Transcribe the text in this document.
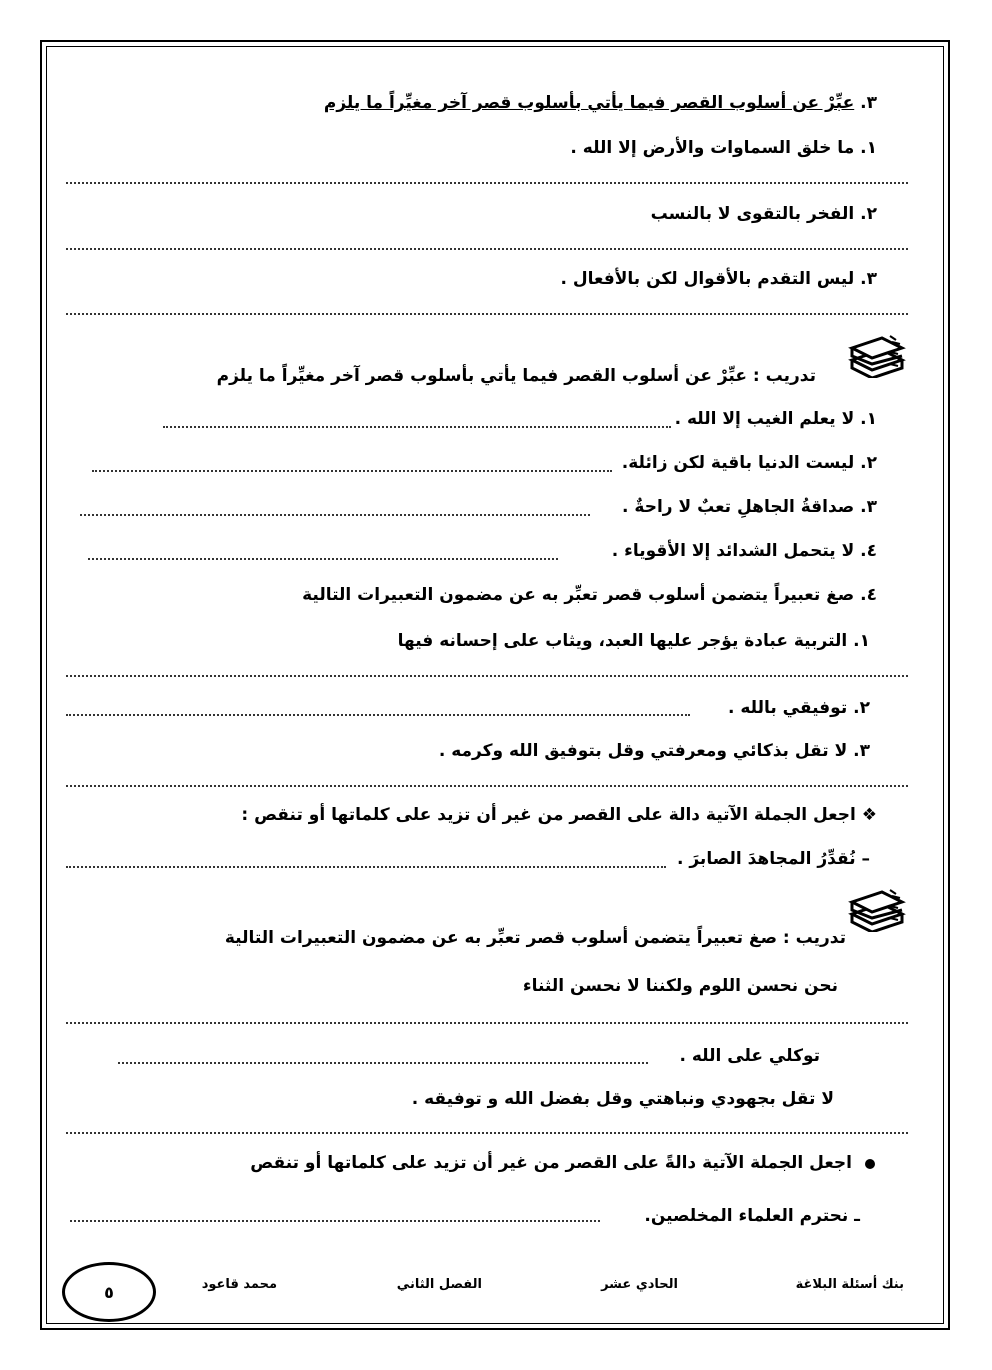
٣. عبِّرْ عن أسلوب القصر فيما يأتي بأسلوب قصر آخر مغيِّراً ما يلزم
١. ما خلق السماوات والأرض إلا الله .
٢. الفخر بالتقوى لا بالنسب
٣. ليس التقدم بالأقوال لكن بالأفعال .
تدريب : عبِّرْ عن أسلوب القصر فيما يأتي بأسلوب قصر آخر مغيِّراً ما يلزم
١. لا يعلم الغيب إلا الله .
٢. ليست الدنيا باقية لكن زائلة.
٣. صداقةُ الجاهلِ تعبٌ لا راحةٌ .
٤. لا يتحمل الشدائد إلا الأقوياء .
٤. صغ تعبيراً يتضمن أسلوب قصر تعبِّر به عن مضمون التعبيرات التالية
١. التربية عبادة يؤجر عليها العبد، ويثاب على إحسانه فيها
٢. توفيقي بالله .
٣. لا تقل بذكائي ومعرفتي وقل بتوفيق الله وكرمه .
❖ اجعل الجملة الآتية دالة على القصر من غير أن تزيد على كلماتها أو تنقص :
– نُقدِّرُ المجاهدَ الصابرَ .
تدريب : صغ تعبيراً يتضمن أسلوب قصر تعبِّر به عن مضمون التعبيرات التالية
نحن نحسن اللوم ولكننا لا نحسن الثناء
توكلي على الله .
لا تقل بجهودي ونباهتي وقل بفضل الله و توفيقه .
اجعل الجملة الآتية دالةً على القصر من غير أن تزيد على كلماتها أو تنقص
ـ نحترم العلماء المخلصين.
بنك أسئلة البلاغة
الحادي عشر
الفصل الثاني
محمد قاعود
٥
